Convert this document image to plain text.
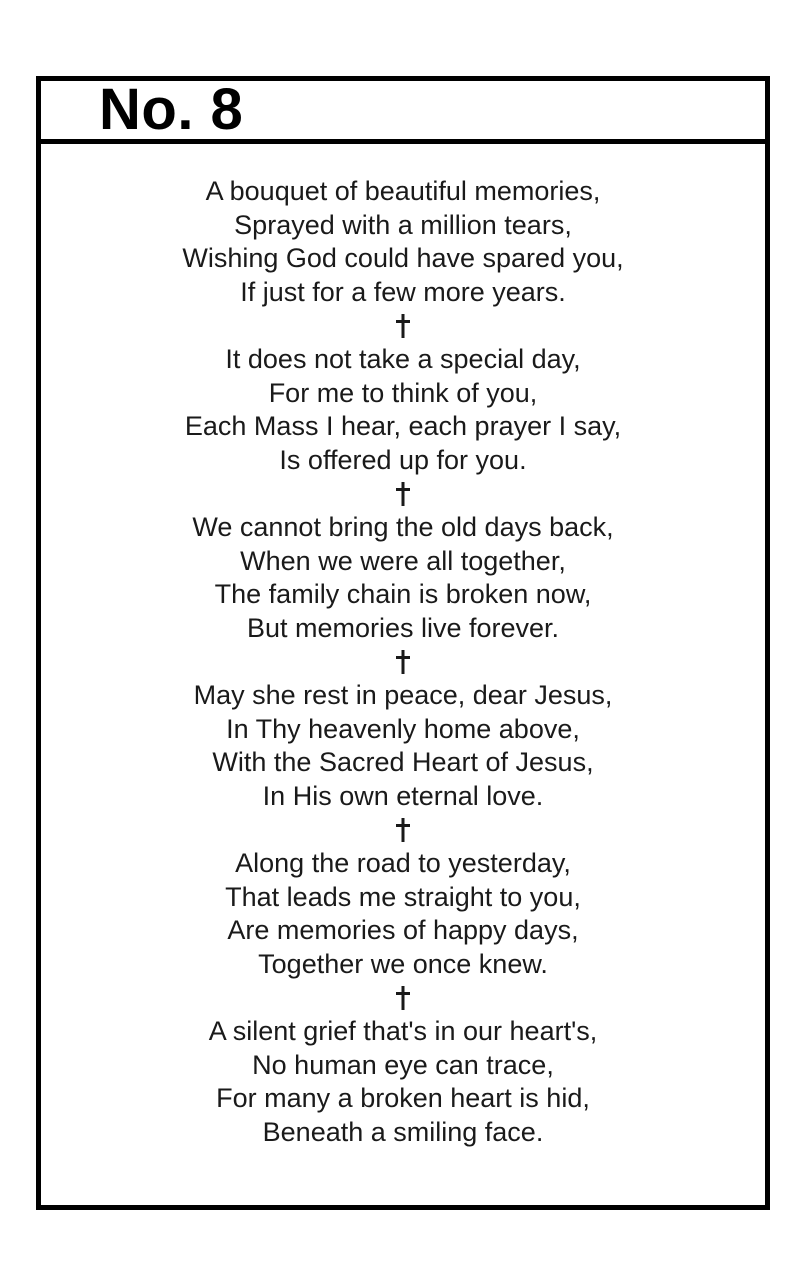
No. 8
A bouquet of beautiful memories,
Sprayed with a million tears,
Wishing God could have spared you,
If just for a few more years.
It does not take a special day,
For me to think of you,
Each Mass I hear, each prayer I say,
Is offered up for you.
We cannot bring the old days back,
When we were all together,
The family chain is broken now,
But memories live forever.
May she rest in peace, dear Jesus,
In Thy heavenly home above,
With the Sacred Heart of Jesus,
In His own eternal love.
Along the road to yesterday,
That leads me straight to you,
Are memories of happy days,
Together we once knew.
A silent grief that's in our heart's,
No human eye can trace,
For many a broken heart is hid,
Beneath a smiling face.
